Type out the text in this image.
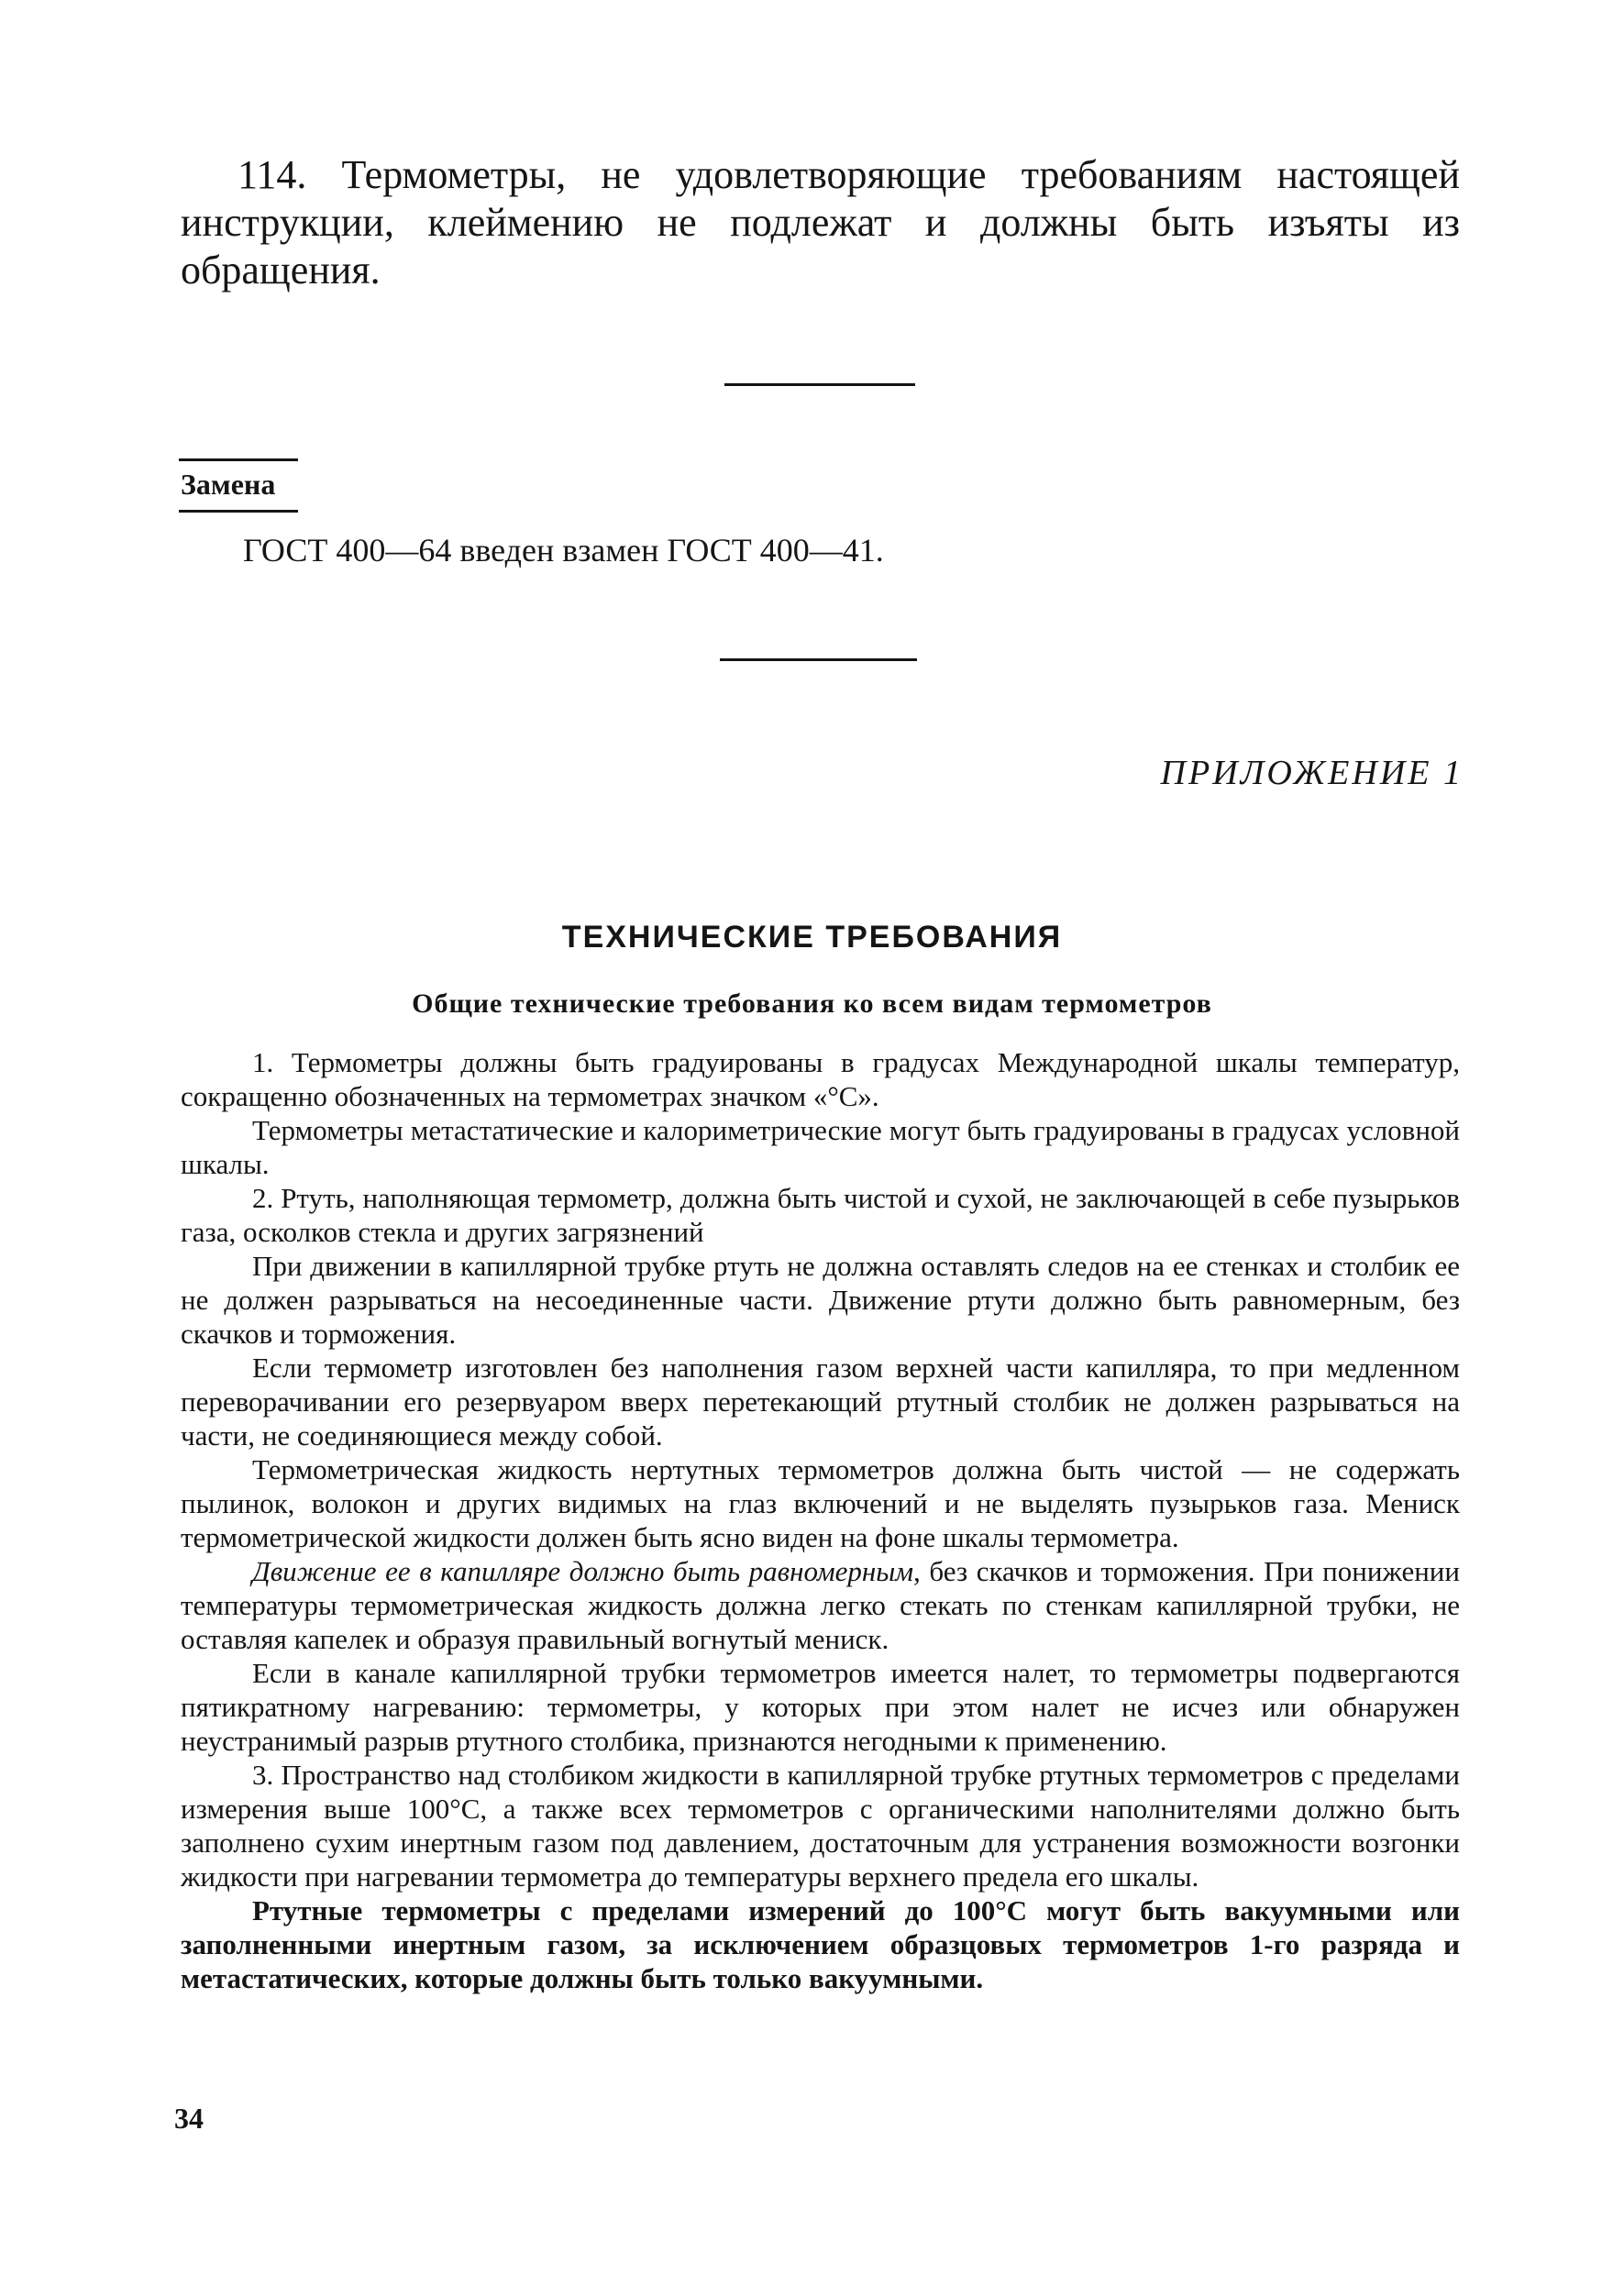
114. Термометры, не удовлетворяющие требованиям настоящей инструкции, клеймению не подлежат и должны быть изъяты из обращения.

Замена
ГОСТ 400—64 введен взамен ГОСТ 400—41.
ПРИЛОЖЕНИЕ 1
ТЕХНИЧЕСКИЕ ТРЕБОВАНИЯ
Общие технические требования ко всем видам термометров

1. Термометры должны быть градуированы в градусах Международной шкалы температур, сокращенно обозначенных на термометрах значком «°С».

Термометры метастатические и калориметрические могут быть градуированы в градусах условной шкалы.

2. Ртуть, наполняющая термометр, должна быть чистой и сухой, не заключающей в себе пузырьков газа, осколков стекла и других загрязнений

При движении в капиллярной трубке ртуть не должна оставлять следов на ее стенках и столбик ее не должен разрываться на несоединенные части. Движение ртути должно быть равномерным, без скачков и торможения.

Если термометр изготовлен без наполнения газом верхней части капилляра, то при медленном переворачивании его резервуаром вверх перетекающий ртутный столбик не должен разрываться на части, не соединяющиеся между собой.

Термометрическая жидкость нертутных термометров должна быть чистой — не содержать пылинок, волокон и других видимых на глаз включений и не выделять пузырьков газа. Мениск термометрической жидкости должен быть ясно виден на фоне шкалы термометра.

Движение ее в капилляре должно быть равномерным, без скачков и торможения. При понижении температуры термометрическая жидкость должна легко стекать по стенкам капиллярной трубки, не оставляя капелек и образуя правильный вогнутый мениск.

Если в канале капиллярной трубки термометров имеется налет, то термометры подвергаются пятикратному нагреванию: термометры, у которых при этом налет не исчез или обнаружен неустранимый разрыв ртутного столбика, признаются негодными к применению.

3. Пространство над столбиком жидкости в капиллярной трубке ртутных термометров с пределами измерения выше 100°С, а также всех термометров с органическими наполнителями должно быть заполнено сухим инертным газом под давлением, достаточным для устранения возможности возгонки жидкости при нагревании термометра до температуры верхнего предела его шкалы.

Ртутные термометры с пределами измерений до 100°С могут быть вакуумными или заполненными инертным газом, за исключением образцовых термометров 1-го разряда и метастатических, которые должны быть только вакуумными.

34
